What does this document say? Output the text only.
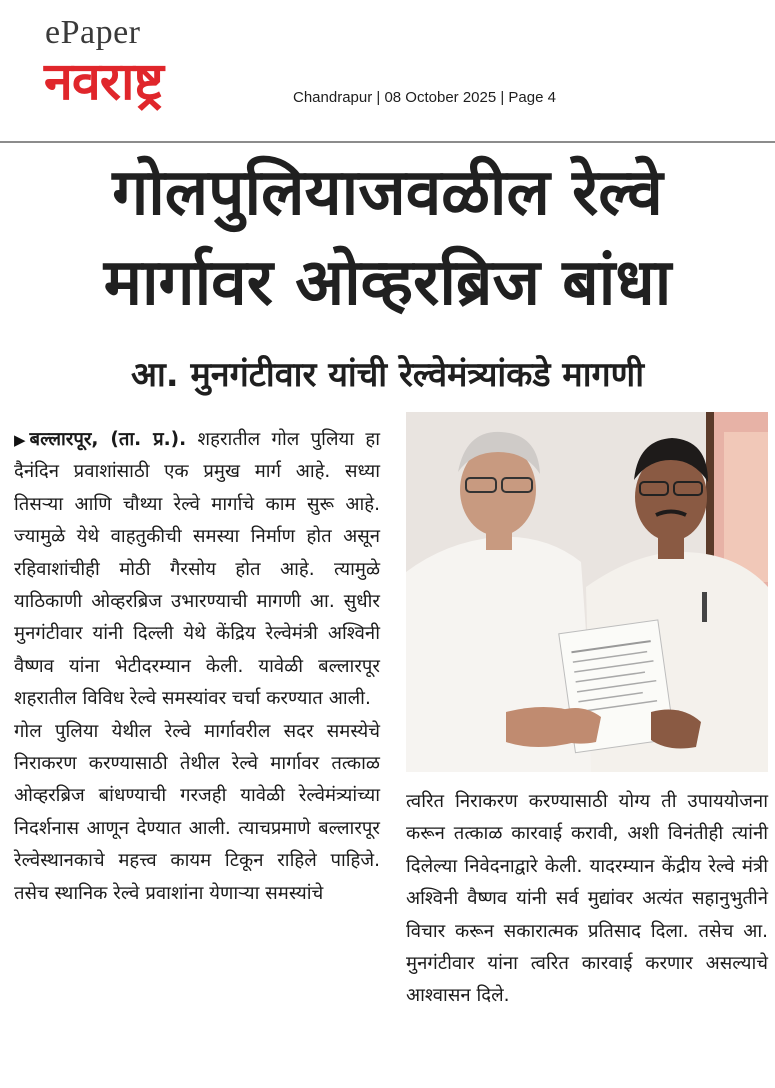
ePaper
नवराष्ट्र	Chandrapur | 08 October 2025 | Page 4
गोलपुलियाजवळील रेल्वे
मार्गावर ओव्हरब्रिज बांधा
आ. मुनगंटीवार यांची रेल्वेमंत्र्यांकडे मागणी

▶ बल्लारपूर, (ता. प्र.). शहरातील गोल पुलिया हा दैनंदिन प्रवाशांसाठी एक प्रमुख मार्ग आहे. सध्या तिसऱ्या आणि चौथ्या रेल्वे मार्गाचे काम सुरू आहे. ज्यामुळे येथे वाहतुकीची समस्या निर्माण होत असून रहिवाशांचीही मोठी गैरसोय होत आहे. त्यामुळे याठिकाणी ओव्हरब्रिज उभारण्याची मागणी आ. सुधीर मुनगंटीवार यांनी दिल्ली येथे केंद्रिय रेल्वेमंत्री अश्विनी वैष्णव यांना भेटीदरम्यान केली. यावेळी बल्लारपूर शहरातील विविध रेल्वे समस्यांवर चर्चा करण्यात आली.

गोल पुलिया येथील रेल्वे मार्गावरील सदर समस्येचे निराकरण करण्यासाठी तेथील रेल्वे मार्गावर तत्काळ ओव्हरब्रिज बांधण्याची गरजही यावेळी रेल्वेमंत्र्यांच्या निदर्शनास आणून देण्यात आली. त्याचप्रमाणे बल्लारपूर रेल्वेस्थानकाचे महत्त्व कायम टिकून राहिले पाहिजे. तसेच स्थानिक रेल्वे प्रवाशांना येणाऱ्या समस्यांचे

त्वरित निराकरण करण्यासाठी योग्य ती उपाययोजना करून तत्काळ कारवाई करावी, अशी विनंतीही त्यांनी दिलेल्या निवेदनाद्वारे केली. यादरम्यान केंद्रीय रेल्वे मंत्री अश्विनी वैष्णव यांनी सर्व मुद्यांवर अत्यंत सहानुभुतीने विचार करून सकारात्मक प्रतिसाद दिला. तसेच आ. मुनगंटीवार यांना त्वरित कारवाई करणार असल्याचे आश्वासन दिले.
